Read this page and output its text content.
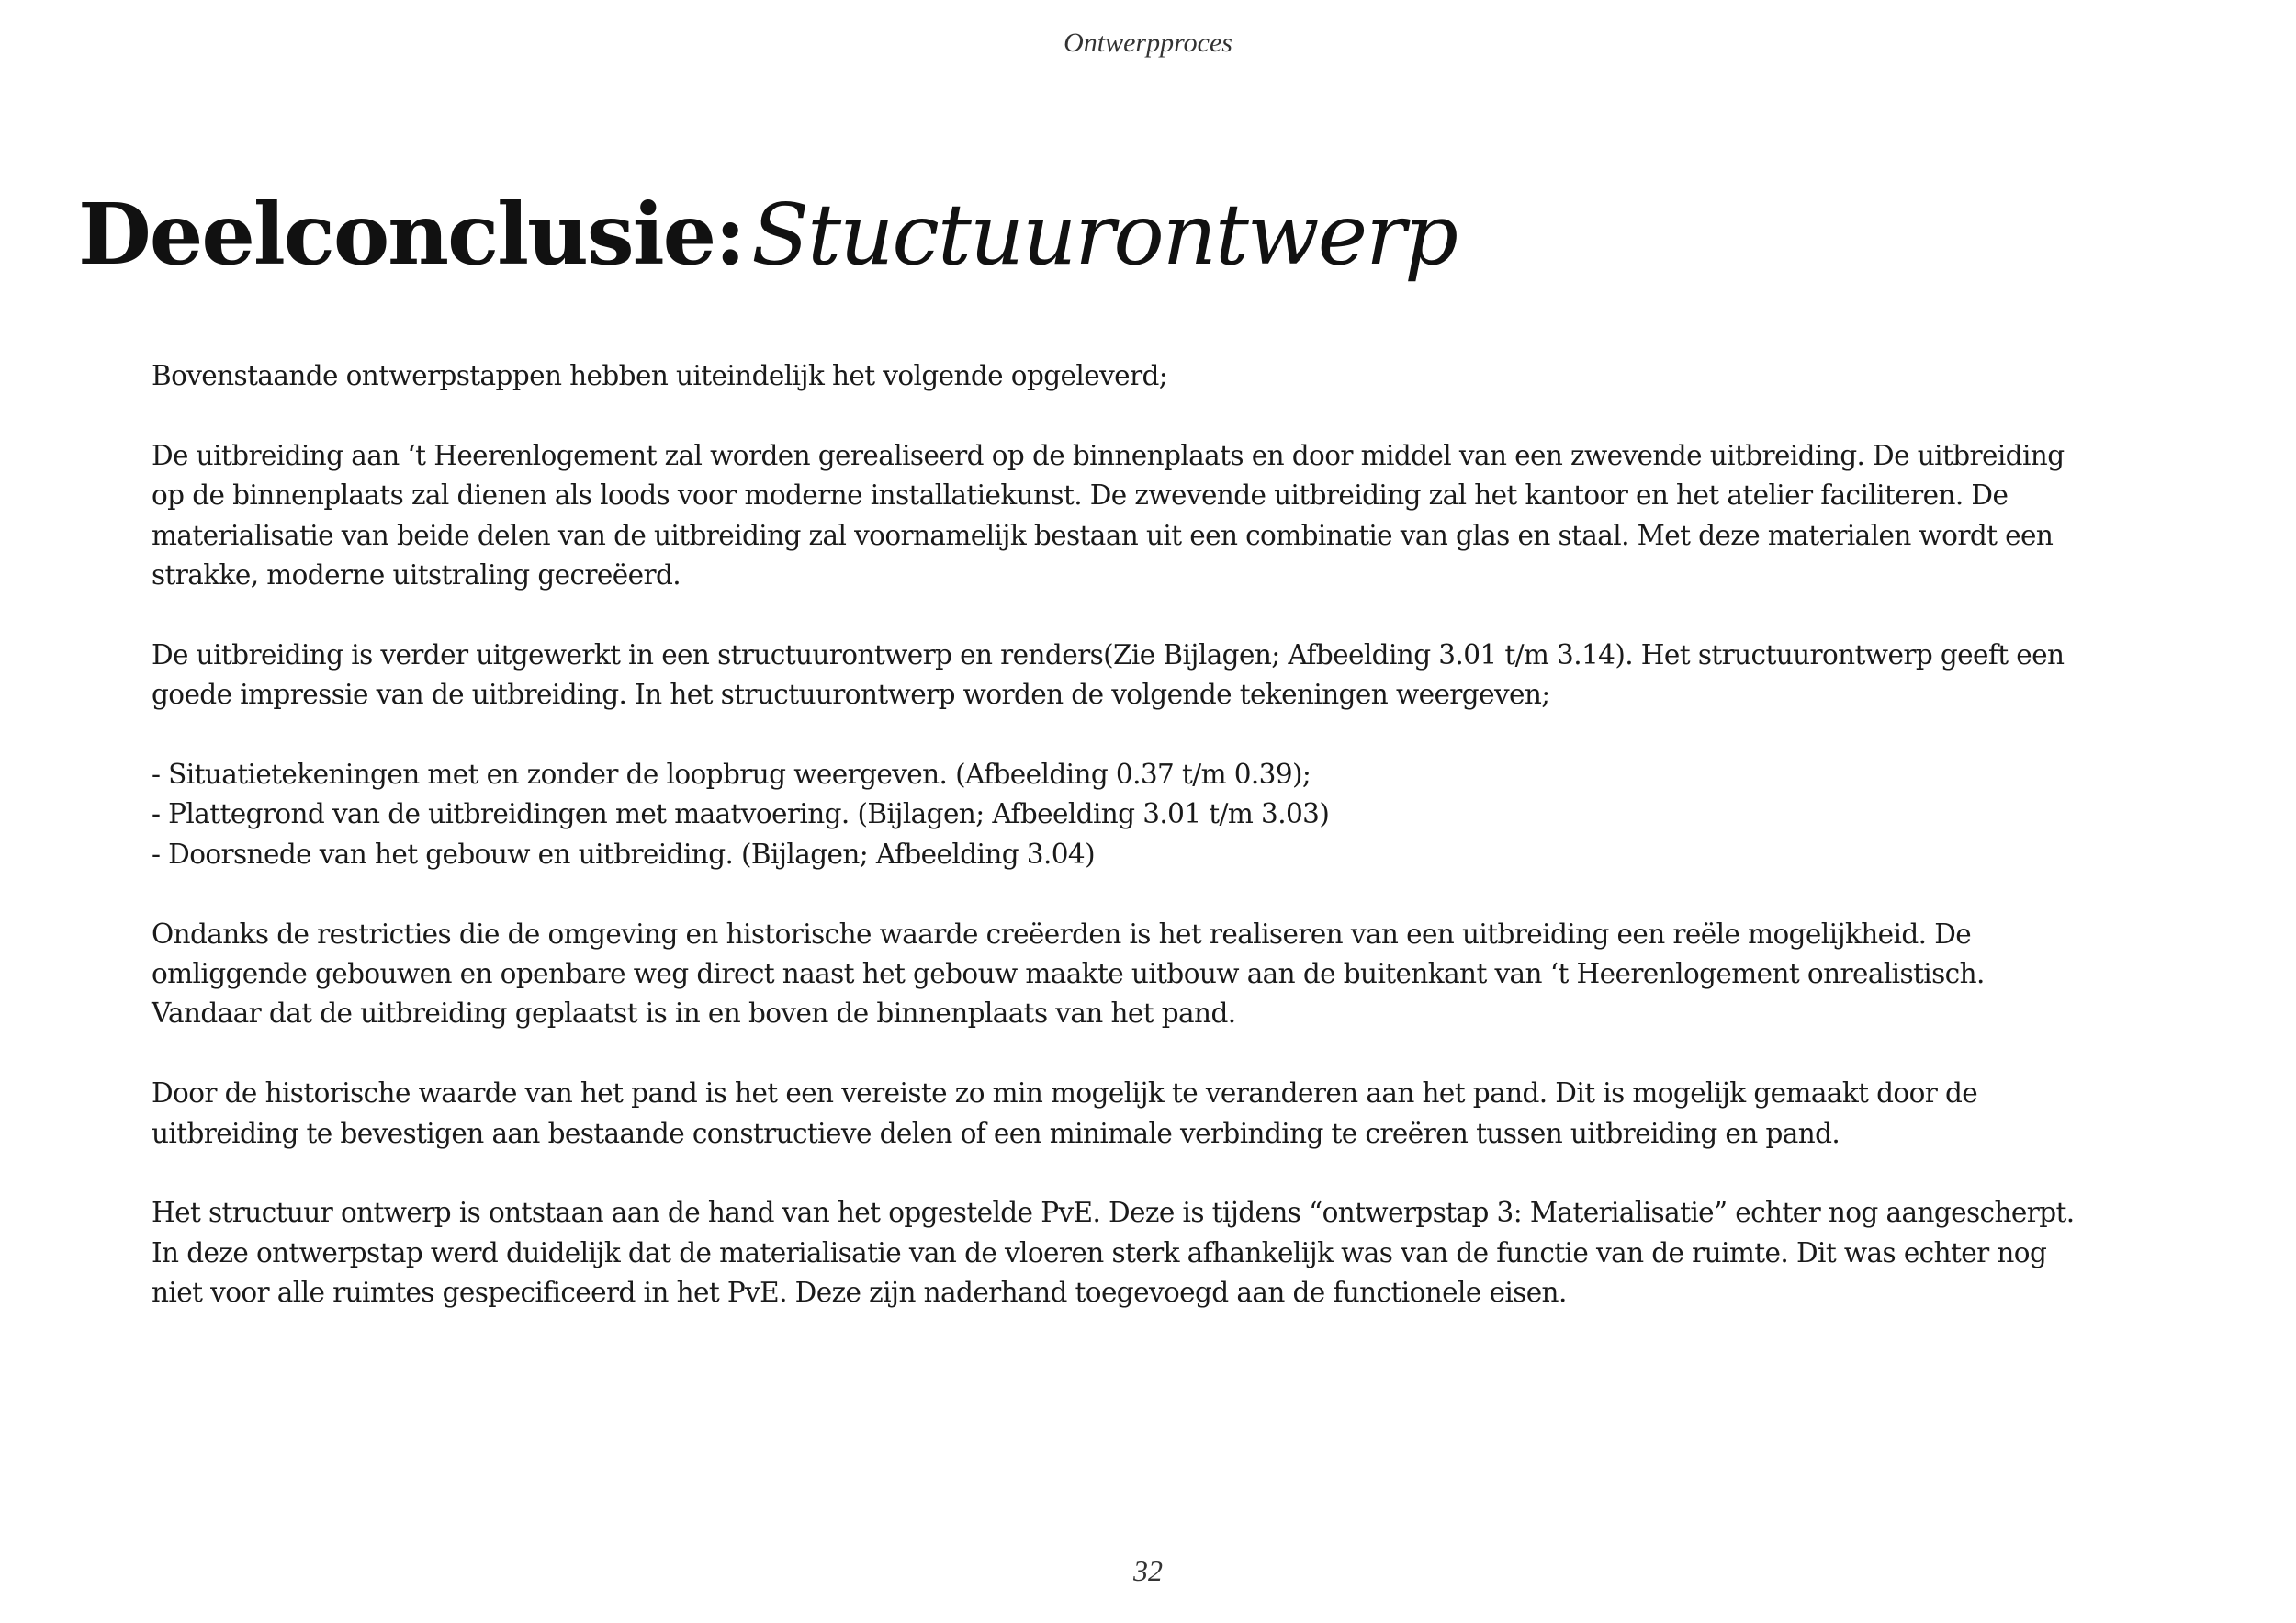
Ontwerpproces
Deelconclusie:Stuctuurontwerp

Bovenstaande ontwerpstappen hebben uiteindelijk het volgende opgeleverd;

De uitbreiding aan ‘t Heerenlogement zal worden gerealiseerd op de binnenplaats en door middel van een zwevende uitbreiding. De uitbreiding op de binnenplaats zal dienen als loods voor moderne installatiekunst. De zwevende uitbreiding zal het kantoor en het atelier faciliteren. De materialisatie van beide delen van de uitbreiding zal voornamelijk bestaan uit een combinatie van glas en staal. Met deze materialen wordt een strakke, moderne uitstraling gecreëerd.

De uitbreiding is verder uitgewerkt in een structuurontwerp en renders(Zie Bijlagen; Afbeelding 3.01 t/m 3.14). Het structuurontwerp geeft een goede impressie van de uitbreiding. In het structuurontwerp worden de volgende tekeningen weergeven;

- Situatietekeningen met en zonder de loopbrug weergeven. (Afbeelding 0.37 t/m 0.39);
- Plattegrond van de uitbreidingen met maatvoering. (Bijlagen; Afbeelding 3.01 t/m 3.03)
- Doorsnede van het gebouw en uitbreiding. (Bijlagen; Afbeelding 3.04)

Ondanks de restricties die de omgeving en historische waarde creëerden is het realiseren van een uitbreiding een reële mogelijkheid. De omliggende gebouwen en openbare weg direct naast het gebouw maakte uitbouw aan de buitenkant van ‘t Heerenlogement onrealistisch. Vandaar dat de uitbreiding geplaatst is in en boven de binnenplaats van het pand.

Door de historische waarde van het pand is het een vereiste zo min mogelijk te veranderen aan het pand. Dit is mogelijk gemaakt door de uitbreiding te bevestigen aan bestaande constructieve delen of een minimale verbinding te creëren tussen uitbreiding en pand.

Het structuur ontwerp is ontstaan aan de hand van het opgestelde PvE. Deze is tijdens “ontwerpstap 3: Materialisatie” echter nog aangescherpt. In deze ontwerpstap werd duidelijk dat de materialisatie van de vloeren sterk afhankelijk was van de functie van de ruimte. Dit was echter nog niet voor alle ruimtes gespecificeerd in het PvE. Deze zijn naderhand toegevoegd aan de functionele eisen.

32
